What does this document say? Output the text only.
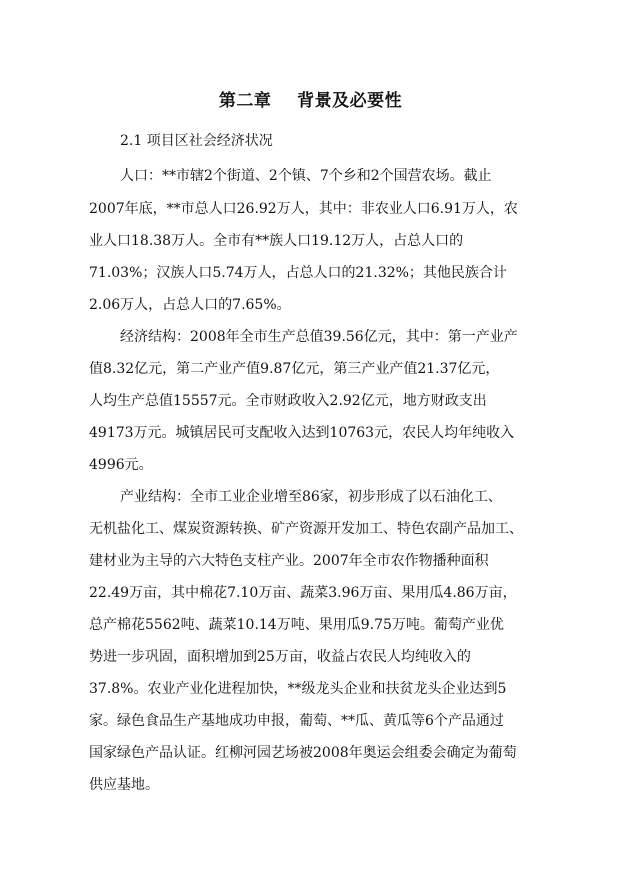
第二章    背景及必要性
2.1 项目区社会经济状况
人口：**市辖2个街道、2个镇、7个乡和2个国营农场。截止
2007年底，**市总人口26.92万人，其中：非农业人口6.91万人，农
业人口18.38万人。全市有**族人口19.12万人，占总人口的
71.03%；汉族人口5.74万人，占总人口的21.32%；其他民族合计
2.06万人，占总人口的7.65%。
经济结构：2008年全市生产总值39.56亿元，其中：第一产业产
值8.32亿元，第二产业产值9.87亿元，第三产业产值21.37亿元，
人均生产总值15557元。全市财政收入2.92亿元，地方财政支出
49173万元。城镇居民可支配收入达到10763元，农民人均年纯收入
4996元。
产业结构：全市工业企业增至86家，初步形成了以石油化工、
无机盐化工、煤炭资源转换、矿产资源开发加工、特色农副产品加工、
建材业为主导的六大特色支柱产业。2007年全市农作物播种面积
22.49万亩，其中棉花7.10万亩、蔬菜3.96万亩、果用瓜4.86万亩，
总产棉花5562吨、蔬菜10.14万吨、果用瓜9.75万吨。葡萄产业优
势进一步巩固，面积增加到25万亩，收益占农民人均纯收入的
37.8%。农业产业化进程加快，**级龙头企业和扶贫龙头企业达到5
家。绿色食品生产基地成功申报，葡萄、**瓜、黄瓜等6个产品通过
国家绿色产品认证。红柳河园艺场被2008年奥运会组委会确定为葡萄
供应基地。
